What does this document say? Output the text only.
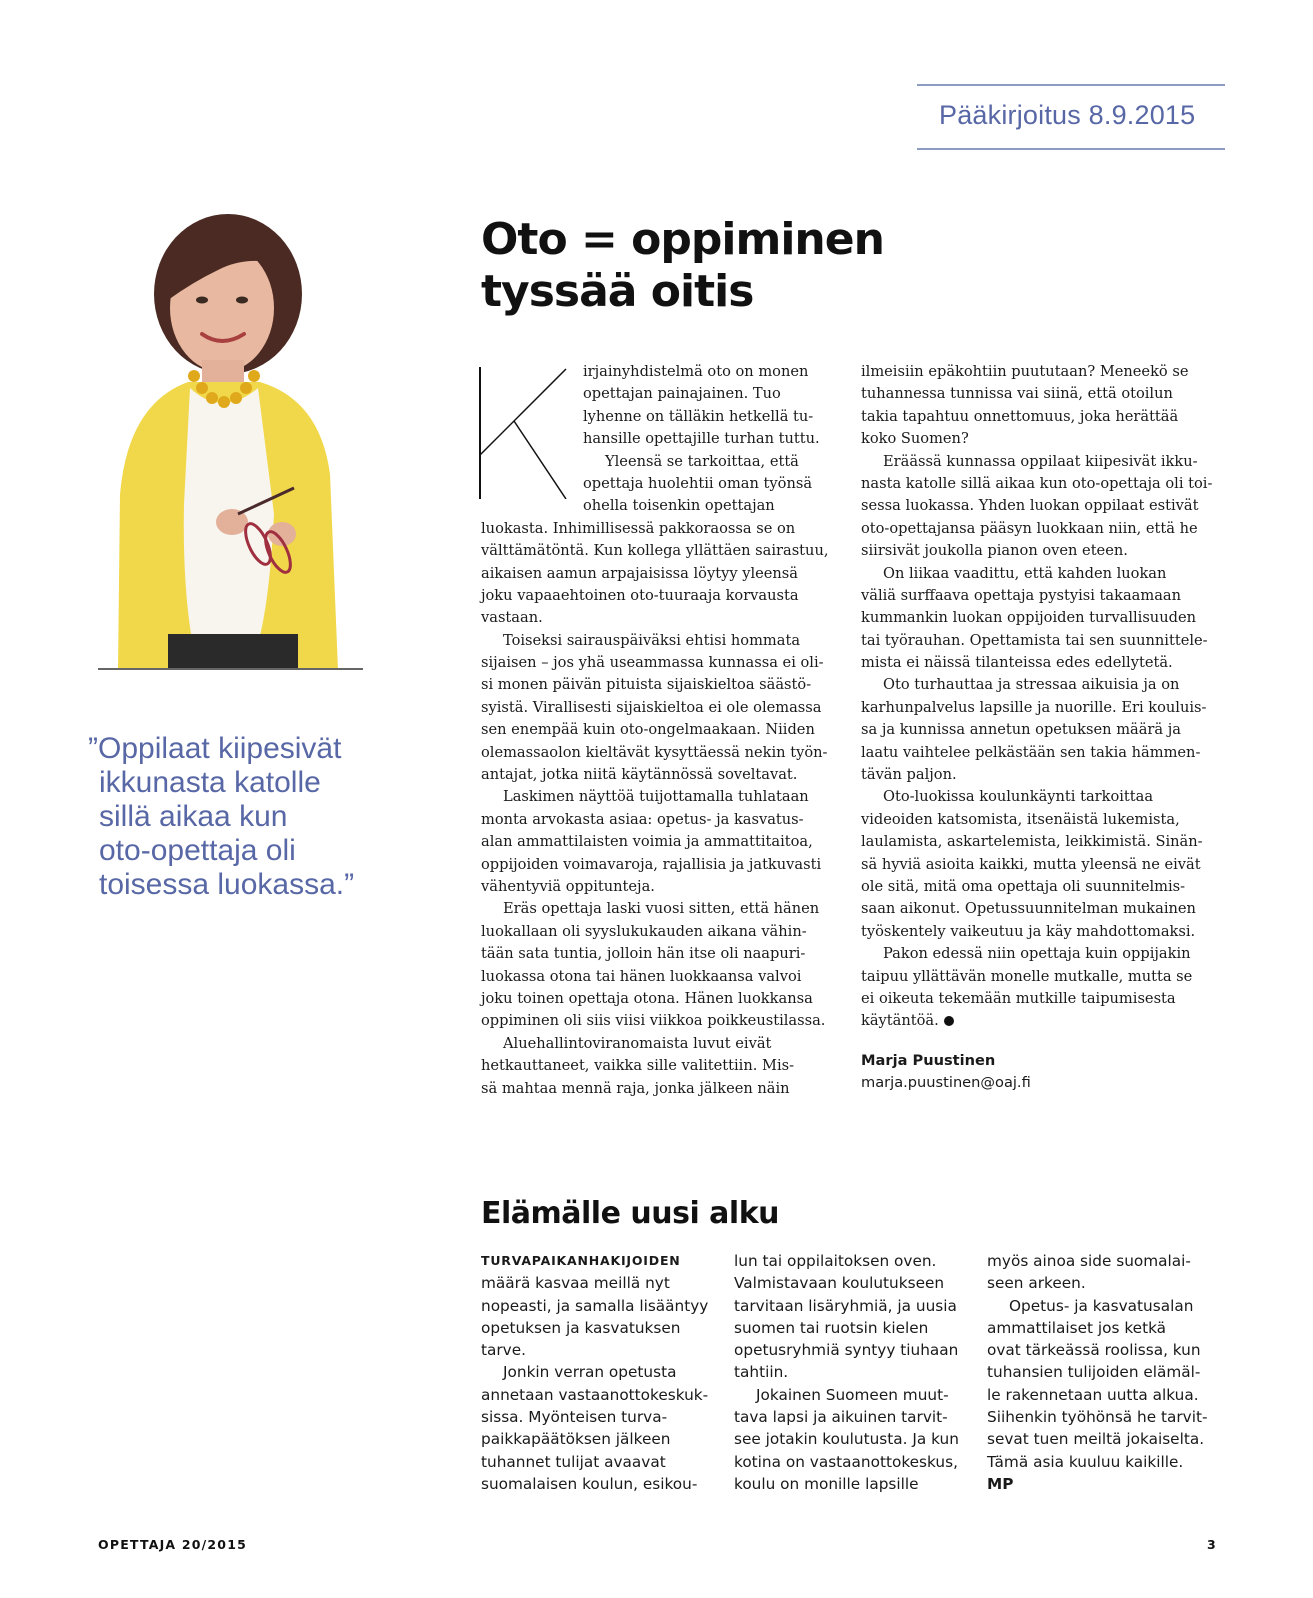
Pääkirjoitus 8.9.2015
”Oppilaat kiipesivät
ikkunasta katolle
sillä aikaa kun
oto-opettaja oli
toisessa luokassa.”
Oto = oppiminen
tyssää oitis
irjainyhdistelmä oto on monen
opettajan painajainen. Tuo
lyhenne on tälläkin hetkellä tu-
hansille opettajille turhan tuttu.
Yleensä se tarkoittaa, että
opettaja huolehtii oman työnsä
ohella toisenkin opettajan
luokasta. Inhimillisessä pakkoraossa se on
välttämätöntä. Kun kollega yllättäen sairastuu,
aikaisen aamun arpajaisissa löytyy yleensä
joku vapaaehtoinen oto-tuuraaja korvausta
vastaan.
Toiseksi sairauspäiväksi ehtisi hommata
sijaisen – jos yhä useammassa kunnassa ei oli-
si monen päivän pituista sijaiskieltoa säästö-
syistä. Virallisesti sijaiskieltoa ei ole olemassa
sen enempää kuin oto-ongelmaakaan. Niiden
olemassaolon kieltävät kysyttäessä nekin työn-
antajat, jotka niitä käytännössä soveltavat.
Laskimen näyttöä tuijottamalla tuhlataan
monta arvokasta asiaa: opetus- ja kasvatus-
alan ammattilaisten voimia ja ammattitaitoa,
oppijoiden voimavaroja, rajallisia ja jatkuvasti
vähentyviä oppitunteja.
Eräs opettaja laski vuosi sitten, että hänen
luokallaan oli syyslukukauden aikana vähin-
tään sata tuntia, jolloin hän itse oli naapuri-
luokassa otona tai hänen luokkaansa valvoi
joku toinen opettaja otona. Hänen luokkansa
oppiminen oli siis viisi viikkoa poikkeustilassa.
Aluehallintoviranomaista luvut eivät
hetkauttaneet, vaikka sille valitettiin. Mis-
sä mahtaa mennä raja, jonka jälkeen näin
ilmeisiin epäkohtiin puututaan? Meneekö se
tuhannessa tunnissa vai siinä, että otoilun
takia tapahtuu onnettomuus, joka herättää
koko Suomen?
Eräässä kunnassa oppilaat kiipesivät ikku-
nasta katolle sillä aikaa kun oto-opettaja oli toi-
sessa luokassa. Yhden luokan oppilaat estivät
oto-opettajansa pääsyn luokkaan niin, että he
siirsivät joukolla pianon oven eteen.
On liikaa vaadittu, että kahden luokan
väliä surffaava opettaja pystyisi takaamaan
kummankin luokan oppijoiden turvallisuuden
tai työrauhan. Opettamista tai sen suunnittele-
mista ei näissä tilanteissa edes edellytetä.
Oto turhauttaa ja stressaa aikuisia ja on
karhunpalvelus lapsille ja nuorille. Eri kouluis-
sa ja kunnissa annetun opetuksen määrä ja
laatu vaihtelee pelkästään sen takia hämmen-
tävän paljon.
Oto-luokissa koulunkäynti tarkoittaa
videoiden katsomista, itsenäistä lukemista,
laulamista, askartelemista, leikkimistä. Sinän-
sä hyviä asioita kaikki, mutta yleensä ne eivät
ole sitä, mitä oma opettaja oli suunnitelmis-
saan aikonut. Opetussuunnitelman mukainen
työskentely vaikeutuu ja käy mahdottomaksi.
Pakon edessä niin opettaja kuin oppijakin
taipuu yllättävän monelle mutkalle, mutta se
ei oikeuta tekemään mutkille taipumisesta
käytäntöä.
Marja Puustinen
marja.puustinen@oaj.fi
Elämälle uusi alku
TURVAPAIKANHAKIJOIDEN
määrä kasvaa meillä nyt
nopeasti, ja samalla lisääntyy
opetuksen ja kasvatuksen
tarve.
Jonkin verran opetusta
annetaan vastaanottokeskuk-
sissa. Myönteisen turva-
paikkapäätöksen jälkeen
tuhannet tulijat avaavat
suomalaisen koulun, esikou-
lun tai oppilaitoksen oven.
Valmistavaan koulutukseen
tarvitaan lisäryhmiä, ja uusia
suomen tai ruotsin kielen
opetusryhmiä syntyy tiuhaan
tahtiin.
Jokainen Suomeen muut-
tava lapsi ja aikuinen tarvit-
see jotakin koulutusta. Ja kun
kotina on vastaanottokeskus,
koulu on monille lapsille
myös ainoa side suomalai-
seen arkeen.
Opetus- ja kasvatusalan
ammattilaiset jos ketkä
ovat tärkeässä roolissa, kun
tuhansien tulijoiden elämäl-
le rakennetaan uutta alkua.
Siihenkin työhönsä he tarvit-
sevat tuen meiltä jokaiselta.
Tämä asia kuuluu kaikille.
MP
OPETTAJA 20/2015	3
